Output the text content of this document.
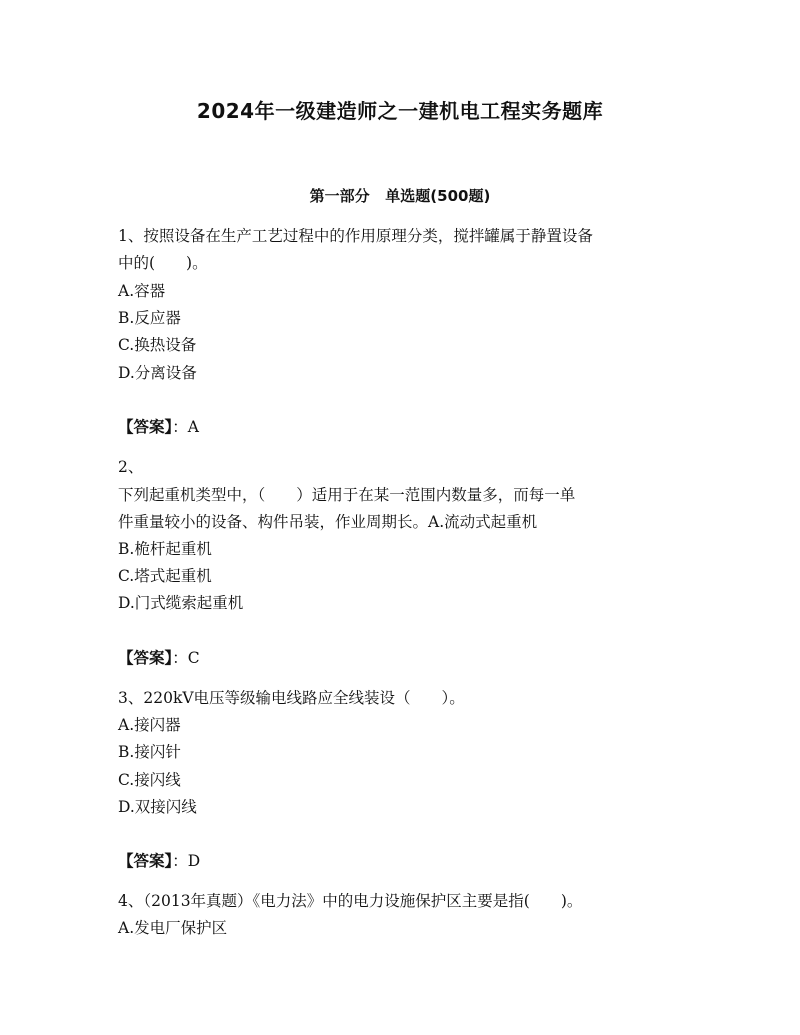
2024年一级建造师之一建机电工程实务题库
第一部分   单选题(500题)
1、按照设备在生产工艺过程中的作用原理分类，搅拌罐属于静置设备
中的(　　)。
A.容器
B.反应器
C.换热设备
D.分离设备
【答案】：A
2、
下列起重机类型中，（　　）适用于在某一范围内数量多，而每一单
件重量较小的设备、构件吊装，作业周期长。A.流动式起重机
B.桅杆起重机
C.塔式起重机
D.门式缆索起重机
【答案】：C
3、220kV电压等级输电线路应全线装设（　　）。
A.接闪器
B.接闪针
C.接闪线
D.双接闪线
【答案】：D
4、（2013年真题）《电力法》中的电力设施保护区主要是指(　　)。
A.发电厂保护区
